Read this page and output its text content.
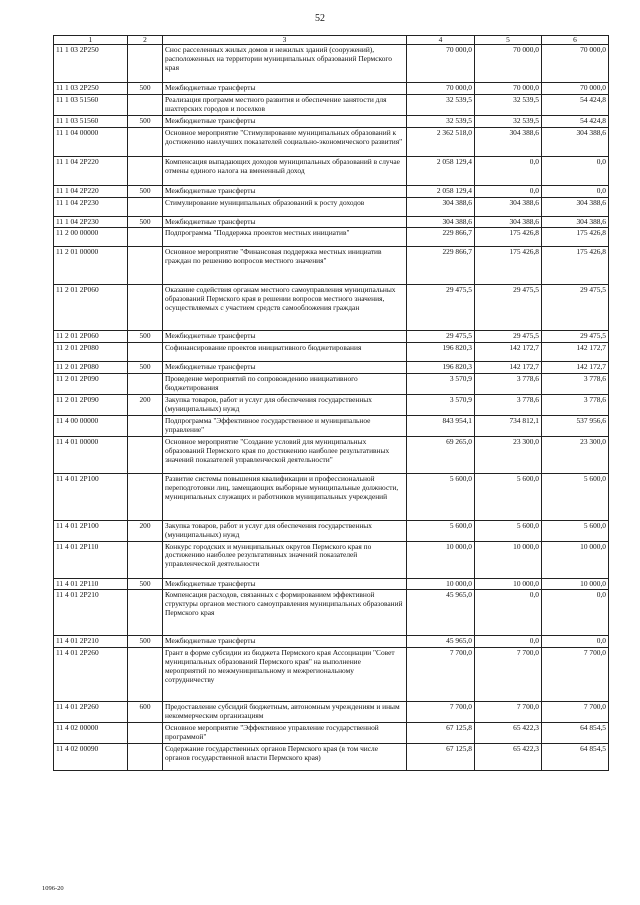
52
1	2	3	4	5	6
11 1 03 2P250		Снос расселенных жилых домов и нежилых зданий (сооружений), расположенных на территории муниципальных образований Пермского края	70 000,0	70 000,0	70 000,0
11 1 03 2P250	500	Межбюджетные трансферты	70 000,0	70 000,0	70 000,0
11 1 03 51560		Реализация программ местного развития и обеспечение занятости для шахтерских городов и поселков	32 539,5	32 539,5	54 424,8
11 1 03 51560	500	Межбюджетные трансферты	32 539,5	32 539,5	54 424,8
11 1 04 00000		Основное мероприятие "Стимулирование муниципальных образований к достижению наилучших показателей социально-экономического развития"	2 362 518,0	304 388,6	304 388,6
11 1 04 2P220		Компенсация выпадающих доходов муниципальных образований в случае отмены единого налога на вмененный доход	2 058 129,4	0,0	0,0
11 1 04 2P220	500	Межбюджетные трансферты	2 058 129,4	0,0	0,0
11 1 04 2P230		Стимулирование муниципальных образований к росту доходов	304 388,6	304 388,6	304 388,6
11 1 04 2P230	500	Межбюджетные трансферты	304 388,6	304 388,6	304 388,6
11 2 00 00000		Подпрограмма "Поддержка проектов местных инициатив"	229 866,7	175 426,8	175 426,8
11 2 01 00000		Основное мероприятие "Финансовая поддержка местных инициатив граждан по решению вопросов местного значения"	229 866,7	175 426,8	175 426,8
11 2 01 2P060		Оказание содействия органам местного самоуправления муниципальных образований Пермского края в решении вопросов местного значения, осуществляемых с участием средств самообложения граждан	29 475,5	29 475,5	29 475,5
11 2 01 2P060	500	Межбюджетные трансферты	29 475,5	29 475,5	29 475,5
11 2 01 2P080		Софинансирование проектов инициативного бюджетирования	196 820,3	142 172,7	142 172,7
11 2 01 2P080	500	Межбюджетные трансферты	196 820,3	142 172,7	142 172,7
11 2 01 2P090		Проведение мероприятий по сопровождению инициативного бюджетирования	3 570,9	3 778,6	3 778,6
11 2 01 2P090	200	Закупка товаров, работ и услуг для обеспечения государственных (муниципальных) нужд	3 570,9	3 778,6	3 778,6
11 4 00 00000		Подпрограмма "Эффективное государственное и муниципальное управление"	843 954,1	734 812,1	537 956,6
11 4 01 00000		Основное мероприятие "Создание условий для муниципальных образований Пермского края по достижению наиболее результативных значений показателей управленческой деятельности"	69 265,0	23 300,0	23 300,0
11 4 01 2P100		Развитие системы повышения квалификации и профессиональной переподготовки лиц, замещающих выборные муниципальные должности, муниципальных служащих и работников муниципальных учреждений	5 600,0	5 600,0	5 600,0
11 4 01 2P100	200	Закупка товаров, работ и услуг для обеспечения государственных (муниципальных) нужд	5 600,0	5 600,0	5 600,0
11 4 01 2P110		Конкурс городских и муниципальных округов Пермского края по достижению наиболее результативных значений показателей управленческой деятельности	10 000,0	10 000,0	10 000,0
11 4 01 2P110	500	Межбюджетные трансферты	10 000,0	10 000,0	10 000,0
11 4 01 2P210		Компенсация расходов, связанных с формированием эффективной структуры органов местного самоуправления муниципальных образований Пермского края	45 965,0	0,0	0,0
11 4 01 2P210	500	Межбюджетные трансферты	45 965,0	0,0	0,0
11 4 01 2P260		Грант в форме субсидии из бюджета Пермского края Ассоциации "Совет муниципальных образований Пермского края" на выполнение мероприятий по межмуниципальному и межрегиональному сотрудничеству	7 700,0	7 700,0	7 700,0
11 4 01 2P260	600	Предоставление субсидий бюджетным, автономным учреждениям и иным некоммерческим организациям	7 700,0	7 700,0	7 700,0
11 4 02 00000		Основное мероприятие "Эффективное управление государственной программой"	67 125,8	65 422,3	64 854,5
11 4 02 00090		Содержание государственных органов Пермского края (в том числе органов государственной власти Пермского края)	67 125,8	65 422,3	64 854,5
1096-20
